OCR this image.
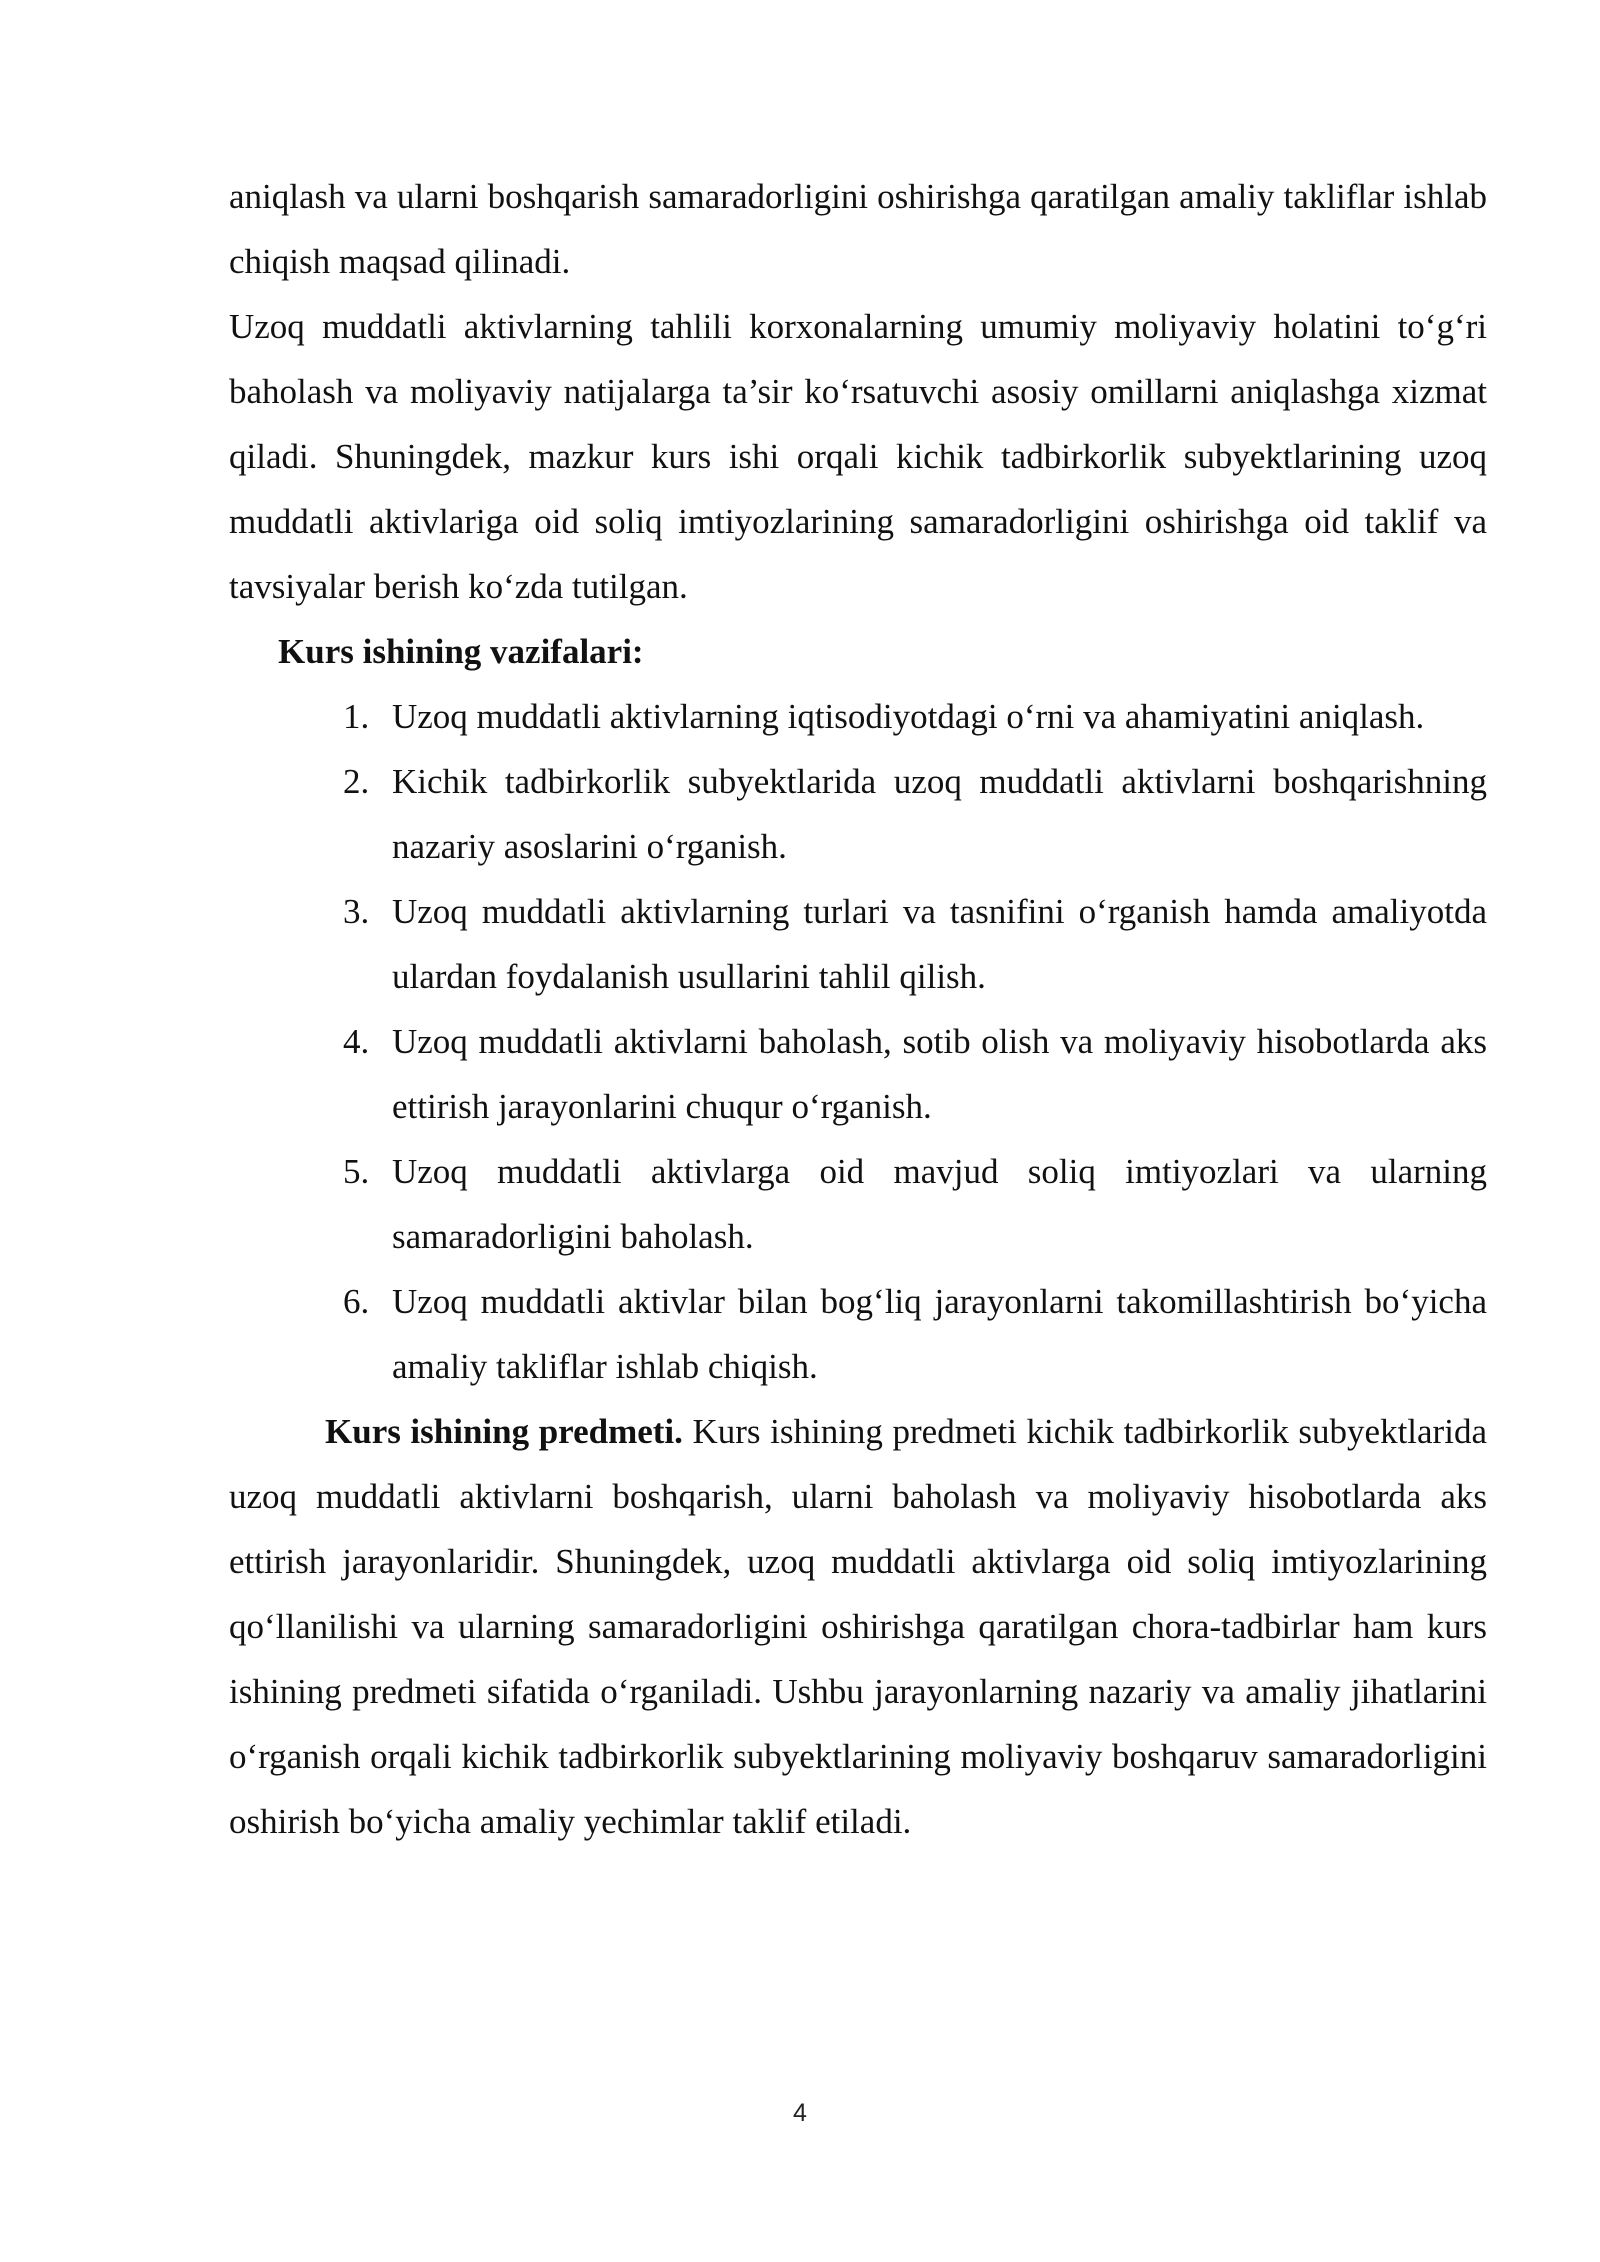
aniqlash va ularni boshqarish samaradorligini oshirishga qaratilgan amaliy takliflar ishlab chiqish maqsad qilinadi.

Uzoq muddatli aktivlarning tahlili korxonalarning umumiy moliyaviy holatini to‘g‘ri baholash va moliyaviy natijalarga ta’sir ko‘rsatuvchi asosiy omillarni aniqlashga xizmat qiladi. Shuningdek, mazkur kurs ishi orqali kichik tadbirkorlik subyektlarining uzoq muddatli aktivlariga oid soliq imtiyozlarining samaradorligini oshirishga oid taklif va tavsiyalar berish ko‘zda tutilgan.

Kurs ishining vazifalari:

1. Uzoq muddatli aktivlarning iqtisodiyotdagi o‘rni va ahamiyatini aniqlash.
2. Kichik tadbirkorlik subyektlarida uzoq muddatli aktivlarni boshqarishning nazariy asoslarini o‘rganish.
3. Uzoq muddatli aktivlarning turlari va tasnifini o‘rganish hamda amaliyotda ulardan foydalanish usullarini tahlil qilish.
4. Uzoq muddatli aktivlarni baholash, sotib olish va moliyaviy hisobotlarda aks ettirish jarayonlarini chuqur o‘rganish.
5. Uzoq muddatli aktivlarga oid mavjud soliq imtiyozlari va ularning samaradorligini baholash.
6. Uzoq muddatli aktivlar bilan bog‘liq jarayonlarni takomillashtirish bo‘yicha amaliy takliflar ishlab chiqish.

Kurs ishining predmeti. Kurs ishining predmeti kichik tadbirkorlik subyektlarida uzoq muddatli aktivlarni boshqarish, ularni baholash va moliyaviy hisobotlarda aks ettirish jarayonlaridir. Shuningdek, uzoq muddatli aktivlarga oid soliq imtiyozlarining qo‘llanilishi va ularning samaradorligini oshirishga qaratilgan chora-tadbirlar ham kurs ishining predmeti sifatida o‘rganiladi. Ushbu jarayonlarning nazariy va amaliy jihatlarini o‘rganish orqali kichik tadbirkorlik subyektlarining moliyaviy boshqaruv samaradorligini oshirish bo‘yicha amaliy yechimlar taklif etiladi.

4
